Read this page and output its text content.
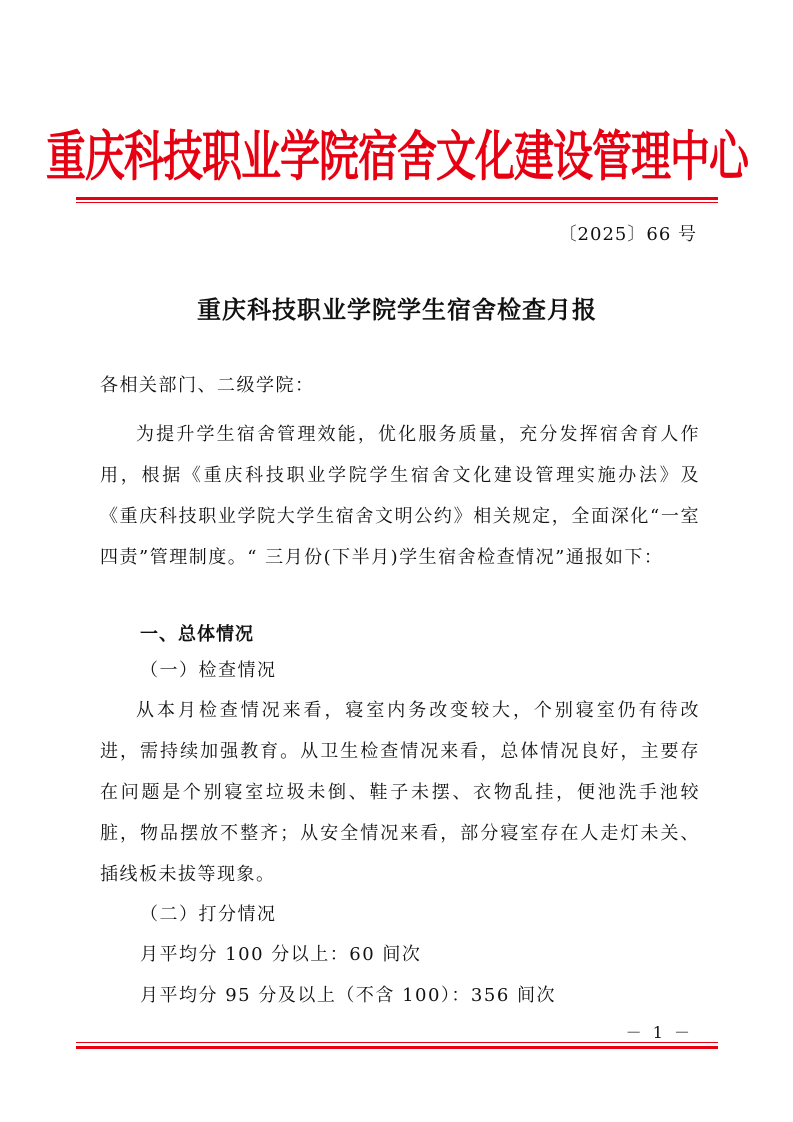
重庆科技职业学院宿舍文化建设管理中心
〔2025〕66 号
重庆科技职业学院学生宿舍检查月报
各相关部门、二级学院：

为提升学生宿舍管理效能，优化服务质量，充分发挥宿舍育人作用，根据《重庆科技职业学院学生宿舍文化建设管理实施办法》及《重庆科技职业学院大学生宿舍文明公约》相关规定，全面深化“一室四责”管理制度。“ 三月份(下半月)学生宿舍检查情况”通报如下：

一、总体情况
（一）检查情况

从本月检查情况来看，寝室内务改变较大，个别寝室仍有待改进，需持续加强教育。从卫生检查情况来看，总体情况良好，主要存在问题是个别寝室垃圾未倒、鞋子未摆、衣物乱挂，便池洗手池较脏，物品摆放不整齐；从安全情况来看，部分寝室存在人走灯未关、插线板未拔等现象。

（二）打分情况
月平均分 100 分以上：60 间次
月平均分 95 分及以上（不含 100）：356 间次
－ 1 －
